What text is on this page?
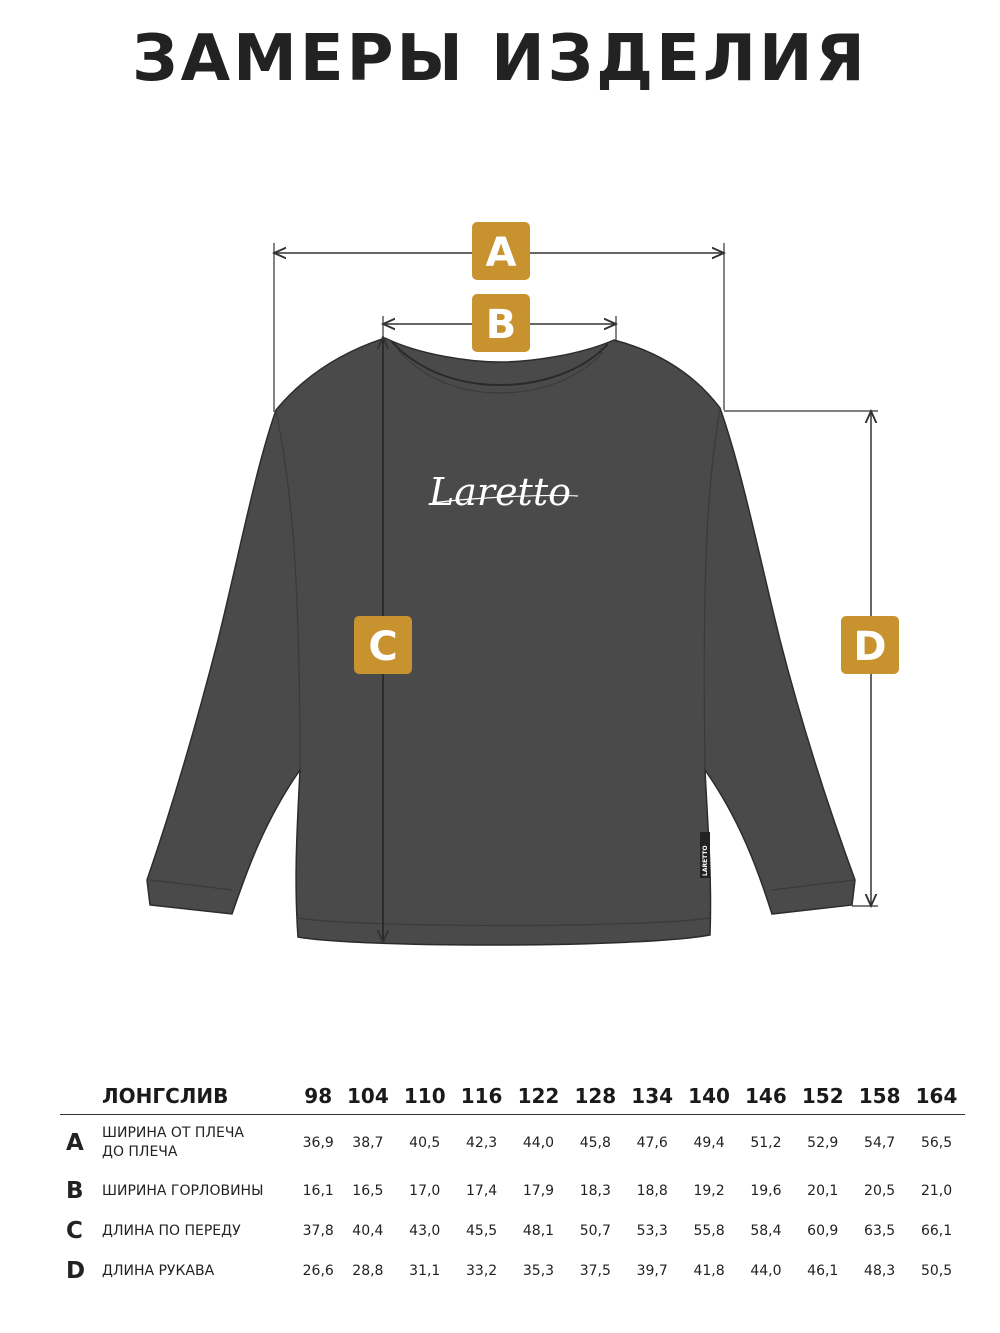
ЗАМЕРЫ ИЗДЕЛИЯ
LARETTO
Laretto
A
B
C	D
ЛОНГСЛИВ		98	104	110	116	122	128	134	140	146	152	158	164
A	ШИРИНА ОТ ПЛЕЧА
ДО ПЛЕЧА	36,9	38,7	40,5	42,3	44,0	45,8	47,6	49,4	51,2	52,9	54,7	56,5
B	ШИРИНА ГОРЛОВИНЫ	16,1	16,5	17,0	17,4	17,9	18,3	18,8	19,2	19,6	20,1	20,5	21,0
C	ДЛИНА ПО ПЕРЕДУ	37,8	40,4	43,0	45,5	48,1	50,7	53,3	55,8	58,4	60,9	63,5	66,1
D	ДЛИНА РУКАВА	26,6	28,8	31,1	33,2	35,3	37,5	39,7	41,8	44,0	46,1	48,3	50,5
